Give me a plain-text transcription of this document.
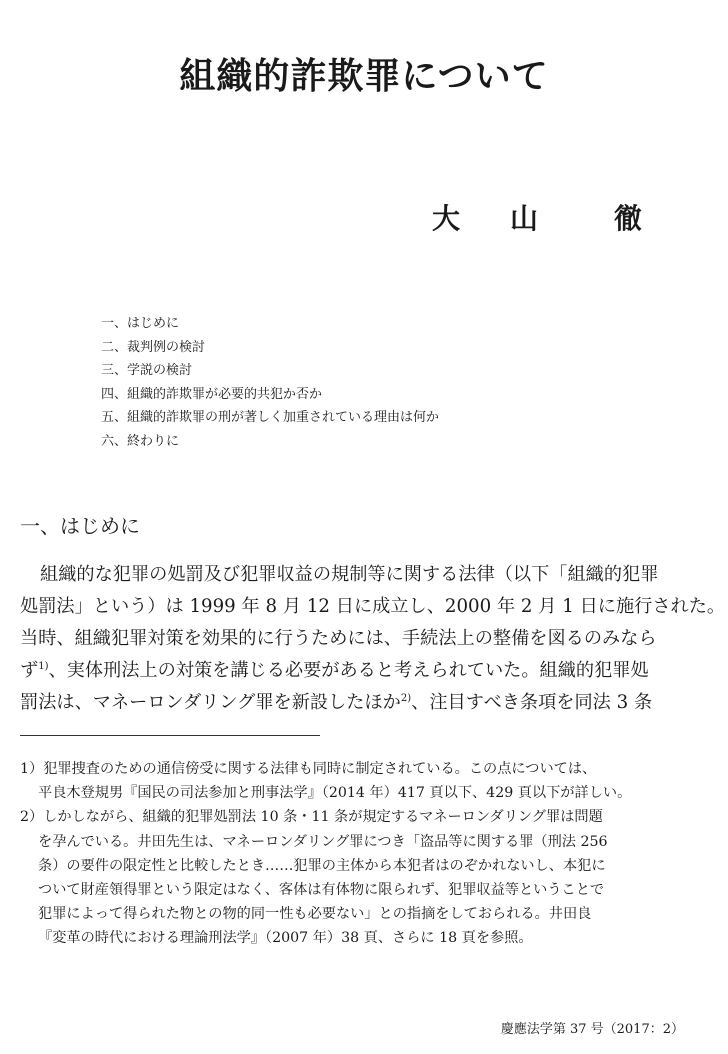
組織的詐欺罪について
大 山	徹
一、はじめに
二、裁判例の検討
三、学説の検討
四、組織的詐欺罪が必要的共犯か否か
五、組織的詐欺罪の刑が著しく加重されている理由は何か
六、終わりに
一、はじめに
組織的な犯罪の処罰及び犯罪収益の規制等に関する法律（以下「組織的犯罪
処罰法」という）は 1999 年 8 月 12 日に成立し、2000 年 2 月 1 日に施行された。
当時、組織犯罪対策を効果的に行うためには、手続法上の整備を図るのみなら
ず$^{1)}$、実体刑法上の対策を講じる必要があると考えられていた。組織的犯罪処
罰法は、マネーロンダリング罪を新設したほか$^{2)}$、注目すべき条項を同法 3 条
1）犯罪捜査のための通信傍受に関する法律も同時に制定されている。この点については、
平良木登規男『国民の司法参加と刑事法学』（2014 年）417 頁以下、429 頁以下が詳しい。
2）しかしながら、組織的犯罪処罰法 10 条・11 条が規定するマネーロンダリング罪は問題
を孕んでいる。井田先生は、マネーロンダリング罪につき「盗品等に関する罪（刑法 256
条）の要件の限定性と比較したとき……犯罪の主体から本犯者はのぞかれないし、本犯に
ついて財産領得罪という限定はなく、客体は有体物に限られず、犯罪収益等ということで
犯罪によって得られた物との物的同一性も必要ない」との指摘をしておられる。井田良
『変革の時代における理論刑法学』（2007 年）38 頁、さらに 18 頁を参照。
慶應法学第 37 号（2017：2）
